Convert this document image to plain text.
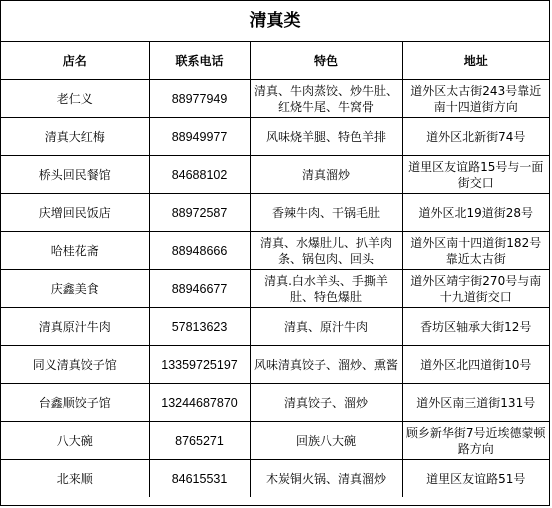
清真类
店名	联系电话	特色	地址
老仁义	88977949	清真、牛肉蒸饺、炒牛肚、红烧牛尾、牛窝骨	道外区太古街243号靠近南十四道街方向
清真大红梅	88949977	风味烧羊腿、特色羊排	道外区北新街74号
桥头回民餐馆	84688102	清真溜炒	道里区友谊路15号与一面街交口
庆增回民饭店	88972587	香辣牛肉、干锅毛肚	道外区北19道街28号
哈桂花斋	88948666	清真、水爆肚儿、扒羊肉条、锅包肉、回头	道外区南十四道街182号靠近太古街
庆鑫美食	88946677	清真.白水羊头、手撕羊肚、特色爆肚	道外区靖宇街270号与南十九道街交口
清真原汁牛肉	57813623	清真、原汁牛肉	香坊区轴承大街12号
同义清真饺子馆	13359725197	风味清真饺子、溜炒、熏酱	道外区北四道街10号
台鑫顺饺子馆	13244687870	清真饺子、溜炒	道外区南三道街131号
八大碗	8765271	回族八大碗	顾乡新华街7号近埃德蒙顿路方向
北来顺	84615531	木炭铜火锅、清真溜炒	道里区友谊路51号
